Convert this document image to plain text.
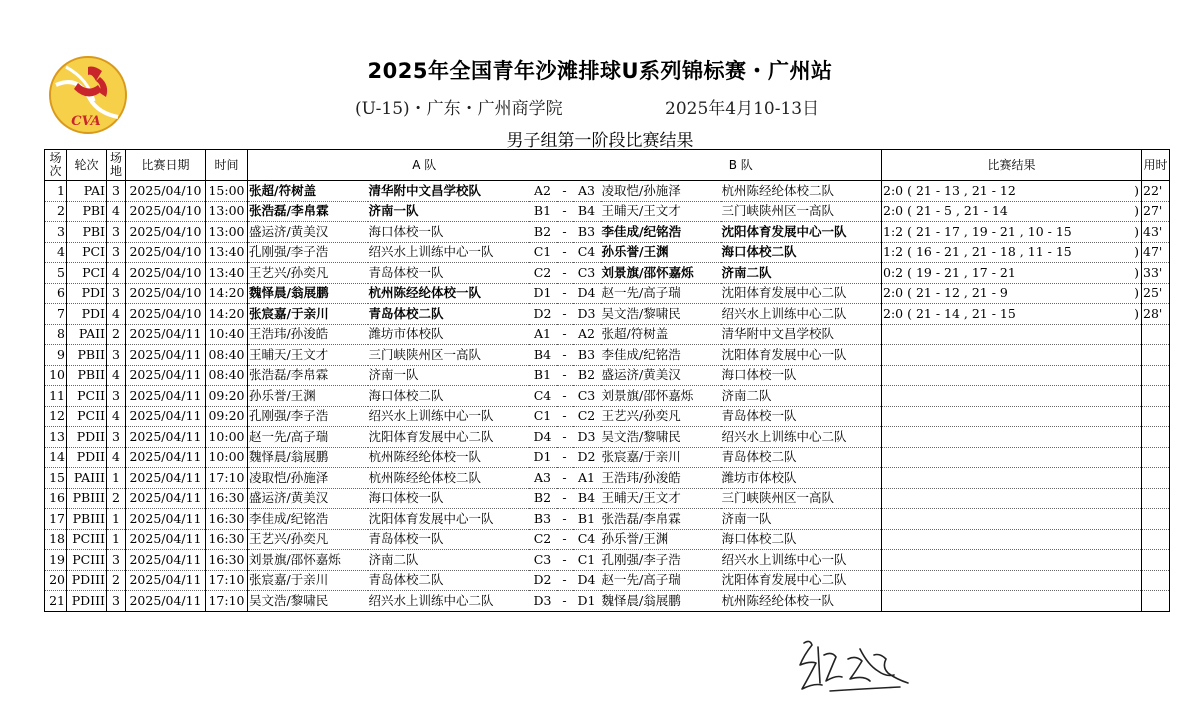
CVA
2025年全国青年沙滩排球U系列锦标赛・广州站
(U-15)・广东・广州商学院	2025年4月10-13日
男子组第一阶段比赛结果
场次	轮次	场地	比赛日期	时间	A 队					B 队		比赛结果	用时
1	PAI	3	2025/04/10	15:00	张超/符树盖	清华附中文昌学校队	A2	-	A3	凌取恺/孙施泽	杭州陈经纶体校二队	2:0 ( 21 - 13 , 21 - 12 )	22'
2	PBI	4	2025/04/10	13:00	张浩磊/李帛霖	济南一队	B1	-	B4	王晡天/王文才	三门峡陕州区一高队	2:0 ( 21 - 5 , 21 - 14 )	27'
3	PBI	3	2025/04/10	13:00	盛运济/黄美汉	海口体校一队	B2	-	B3	李佳成/纪铭浩	沈阳体育发展中心一队	1:2 ( 21 - 17 , 19 - 21 , 10 - 15 )	43'
4	PCI	3	2025/04/10	13:40	孔刚强/李子浩	绍兴水上训练中心一队	C1	-	C4	孙乐誉/王渊	海口体校二队	1:2 ( 16 - 21 , 21 - 18 , 11 - 15 )	47'
5	PCI	4	2025/04/10	13:40	王艺兴/孙奕凡	青岛体校一队	C2	-	C3	刘景旗/邵怀嘉烁	济南二队	0:2 ( 19 - 21 , 17 - 21 )	33'
6	PDI	3	2025/04/10	14:20	魏怿晨/翁展鹏	杭州陈经纶体校一队	D1	-	D4	赵一先/高子瑞	沈阳体育发展中心二队	2:0 ( 21 - 12 , 21 - 9 )	25'
7	PDI	4	2025/04/10	14:20	张宸嘉/于亲川	青岛体校二队	D2	-	D3	吴文浩/黎啸民	绍兴水上训练中心二队	2:0 ( 21 - 14 , 21 - 15 )	28'
8	PAII	2	2025/04/11	10:40	王浩玮/孙浚皓	潍坊市体校队	A1	-	A2	张超/符树盖	清华附中文昌学校队	

9	PBII	3	2025/04/11	08:40	王晡天/王文才	三门峡陕州区一高队	B4	-	B3	李佳成/纪铭浩	沈阳体育发展中心一队	

10	PBII	4	2025/04/11	08:40	张浩磊/李帛霖	济南一队	B1	-	B2	盛运济/黄美汉	海口体校一队	

11	PCII	3	2025/04/11	09:20	孙乐誉/王渊	海口体校二队	C4	-	C3	刘景旗/邵怀嘉烁	济南二队	

12	PCII	4	2025/04/11	09:20	孔刚强/李子浩	绍兴水上训练中心一队	C1	-	C2	王艺兴/孙奕凡	青岛体校一队	

13	PDII	3	2025/04/11	10:00	赵一先/高子瑞	沈阳体育发展中心二队	D4	-	D3	吴文浩/黎啸民	绍兴水上训练中心二队	

14	PDII	4	2025/04/11	10:00	魏怿晨/翁展鹏	杭州陈经纶体校一队	D1	-	D2	张宸嘉/于亲川	青岛体校二队	

15	PAIII	1	2025/04/11	17:10	凌取恺/孙施泽	杭州陈经纶体校二队	A3	-	A1	王浩玮/孙浚皓	潍坊市体校队	

16	PBIII	2	2025/04/11	16:30	盛运济/黄美汉	海口体校一队	B2	-	B4	王晡天/王文才	三门峡陕州区一高队	

17	PBIII	1	2025/04/11	16:30	李佳成/纪铭浩	沈阳体育发展中心一队	B3	-	B1	张浩磊/李帛霖	济南一队	

18	PCIII	1	2025/04/11	16:30	王艺兴/孙奕凡	青岛体校一队	C2	-	C4	孙乐誉/王渊	海口体校二队	

19	PCIII	3	2025/04/11	16:30	刘景旗/邵怀嘉烁	济南二队	C3	-	C1	孔刚强/李子浩	绍兴水上训练中心一队	

20	PDIII	2	2025/04/11	17:10	张宸嘉/于亲川	青岛体校二队	D2	-	D4	赵一先/高子瑞	沈阳体育发展中心二队	

21	PDIII	3	2025/04/11	17:10	吴文浩/黎啸民	绍兴水上训练中心二队	D3	-	D1	魏怿晨/翁展鹏	杭州陈经纶体校一队	
